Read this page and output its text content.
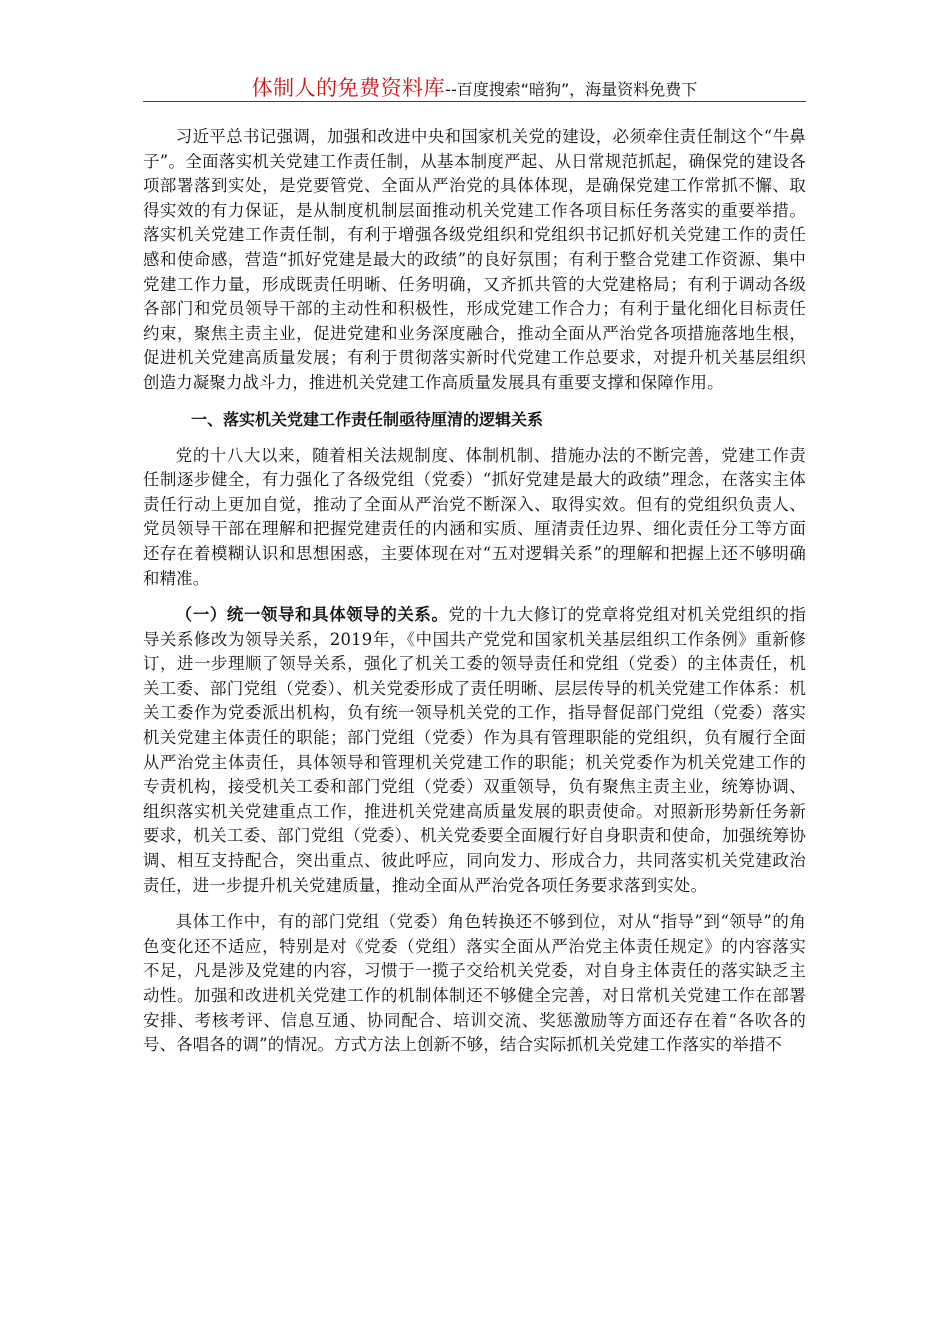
体制人的免费资料库--百度搜索“暗狗”，海量资料免费下

习近平总书记强调，加强和改进中央和国家机关党的建设，必须牵住责任制这个“牛鼻子”。全面落实机关党建工作责任制，从基本制度严起、从日常规范抓起，确保党的建设各项部署落到实处，是党要管党、全面从严治党的具体体现，是确保党建工作常抓不懈、取得实效的有力保证，是从制度机制层面推动机关党建工作各项目标任务落实的重要举措。落实机关党建工作责任制，有利于增强各级党组织和党组织书记抓好机关党建工作的责任感和使命感，营造“抓好党建是最大的政绩”的良好氛围；有利于整合党建工作资源、集中党建工作力量，形成既责任明晰、任务明确，又齐抓共管的大党建格局；有利于调动各级各部门和党员领导干部的主动性和积极性，形成党建工作合力；有利于量化细化目标责任约束，聚焦主责主业，促进党建和业务深度融合，推动全面从严治党各项措施落地生根，促进机关党建高质量发展；有利于贯彻落实新时代党建工作总要求，对提升机关基层组织创造力凝聚力战斗力，推进机关党建工作高质量发展具有重要支撑和保障作用。

一、落实机关党建工作责任制亟待厘清的逻辑关系

党的十八大以来，随着相关法规制度、体制机制、措施办法的不断完善，党建工作责任制逐步健全，有力强化了各级党组（党委）“抓好党建是最大的政绩”理念，在落实主体责任行动上更加自觉，推动了全面从严治党不断深入、取得实效。但有的党组织负责人、党员领导干部在理解和把握党建责任的内涵和实质、厘清责任边界、细化责任分工等方面还存在着模糊认识和思想困惑，主要体现在对“五对逻辑关系”的理解和把握上还不够明确和精准。

（一）统一领导和具体领导的关系。党的十九大修订的党章将党组对机关党组织的指导关系修改为领导关系，2019年，《中国共产党党和国家机关基层组织工作条例》重新修订，进一步理顺了领导关系，强化了机关工委的领导责任和党组（党委）的主体责任，机关工委、部门党组（党委）、机关党委形成了责任明晰、层层传导的机关党建工作体系：机关工委作为党委派出机构，负有统一领导机关党的工作，指导督促部门党组（党委）落实机关党建主体责任的职能；部门党组（党委）作为具有管理职能的党组织，负有履行全面从严治党主体责任，具体领导和管理机关党建工作的职能；机关党委作为机关党建工作的专责机构，接受机关工委和部门党组（党委）双重领导，负有聚焦主责主业，统筹协调、组织落实机关党建重点工作，推进机关党建高质量发展的职责使命。对照新形势新任务新要求，机关工委、部门党组（党委）、机关党委要全面履行好自身职责和使命，加强统筹协调、相互支持配合，突出重点、彼此呼应，同向发力、形成合力，共同落实机关党建政治责任，进一步提升机关党建质量，推动全面从严治党各项任务要求落到实处。

具体工作中，有的部门党组（党委）角色转换还不够到位，对从“指导”到“领导”的角色变化还不适应，特别是对《党委（党组）落实全面从严治党主体责任规定》的内容落实不足，凡是涉及党建的内容，习惯于一揽子交给机关党委，对自身主体责任的落实缺乏主动性。加强和改进机关党建工作的机制体制还不够健全完善，对日常机关党建工作在部署安排、考核考评、信息互通、协同配合、培训交流、奖惩激励等方面还存在着“各吹各的号、各唱各的调”的情况。方式方法上创新不够，结合实际抓机关党建工作落实的举措不
